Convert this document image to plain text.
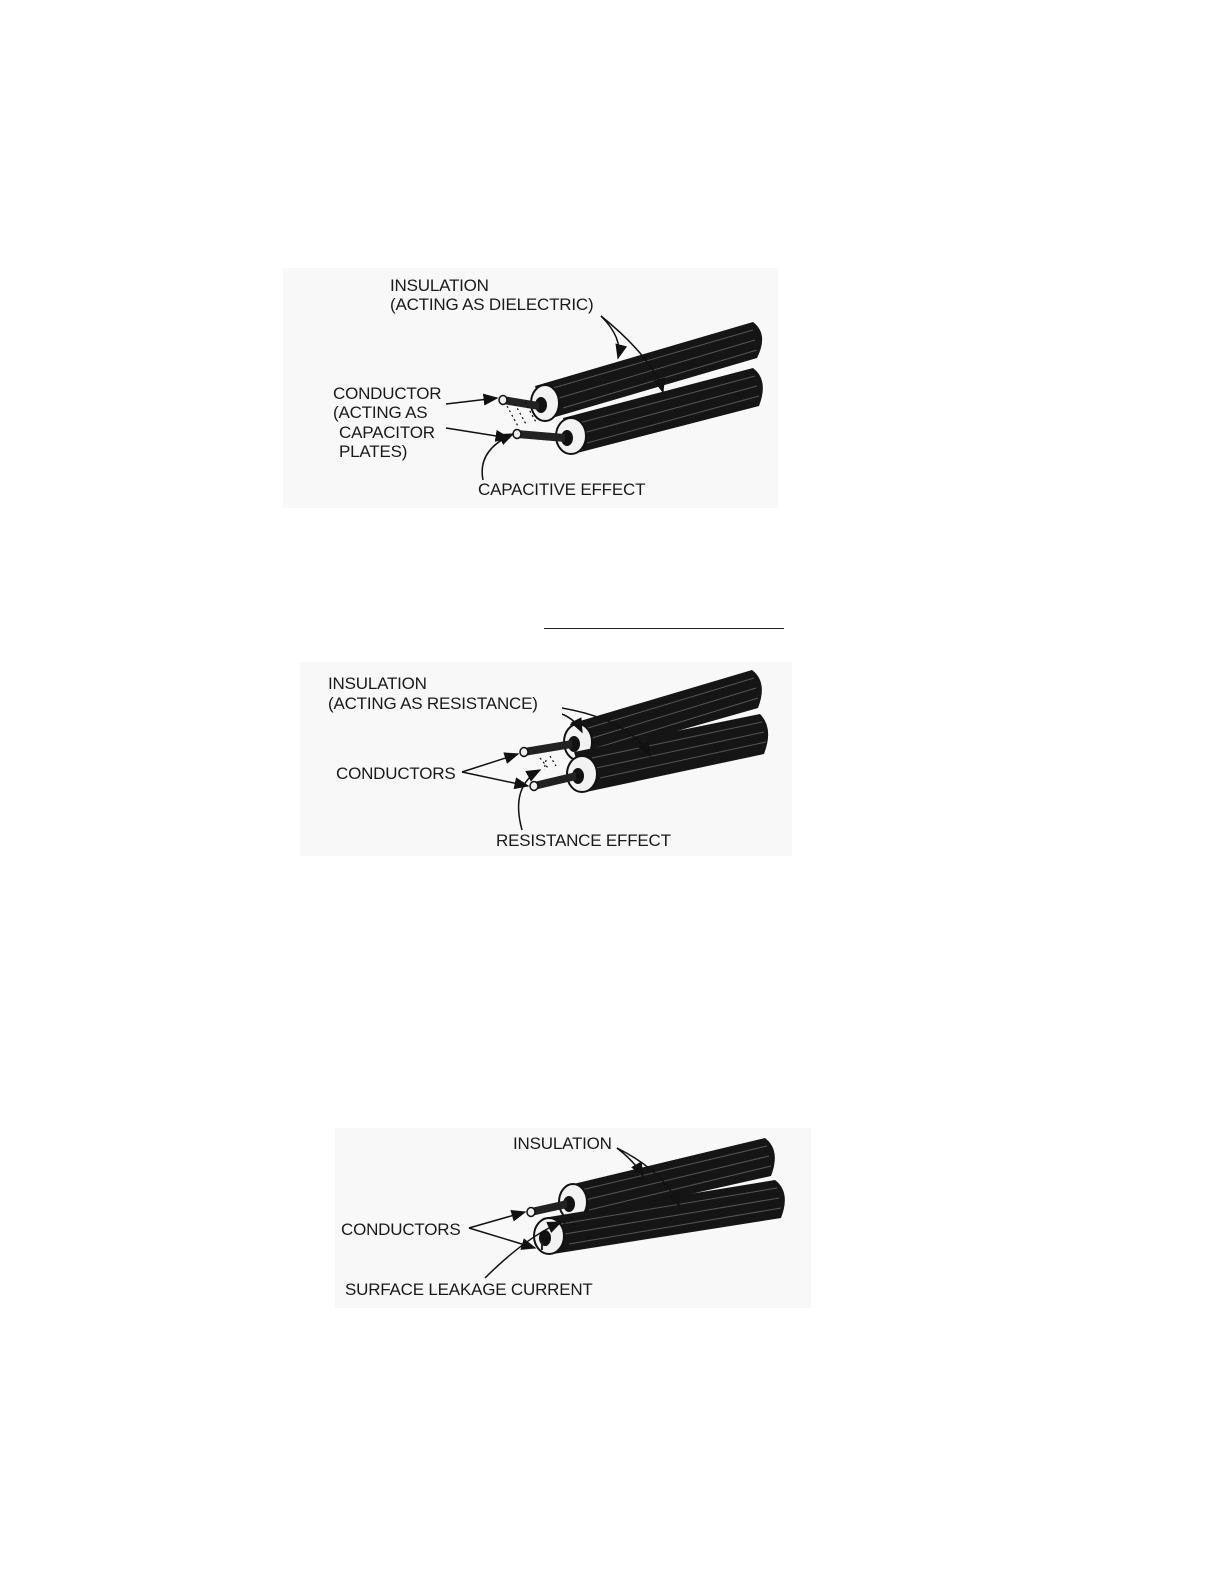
INSULATION
(ACTING AS DIELECTRIC)
CONDUCTOR
(ACTING AS
CAPACITOR
PLATES)
CAPACITIVE EFFECT
INSULATION
(ACTING AS RESISTANCE)
CONDUCTORS
RESISTANCE EFFECT
INSULATION
CONDUCTORS
SURFACE LEAKAGE CURRENT
